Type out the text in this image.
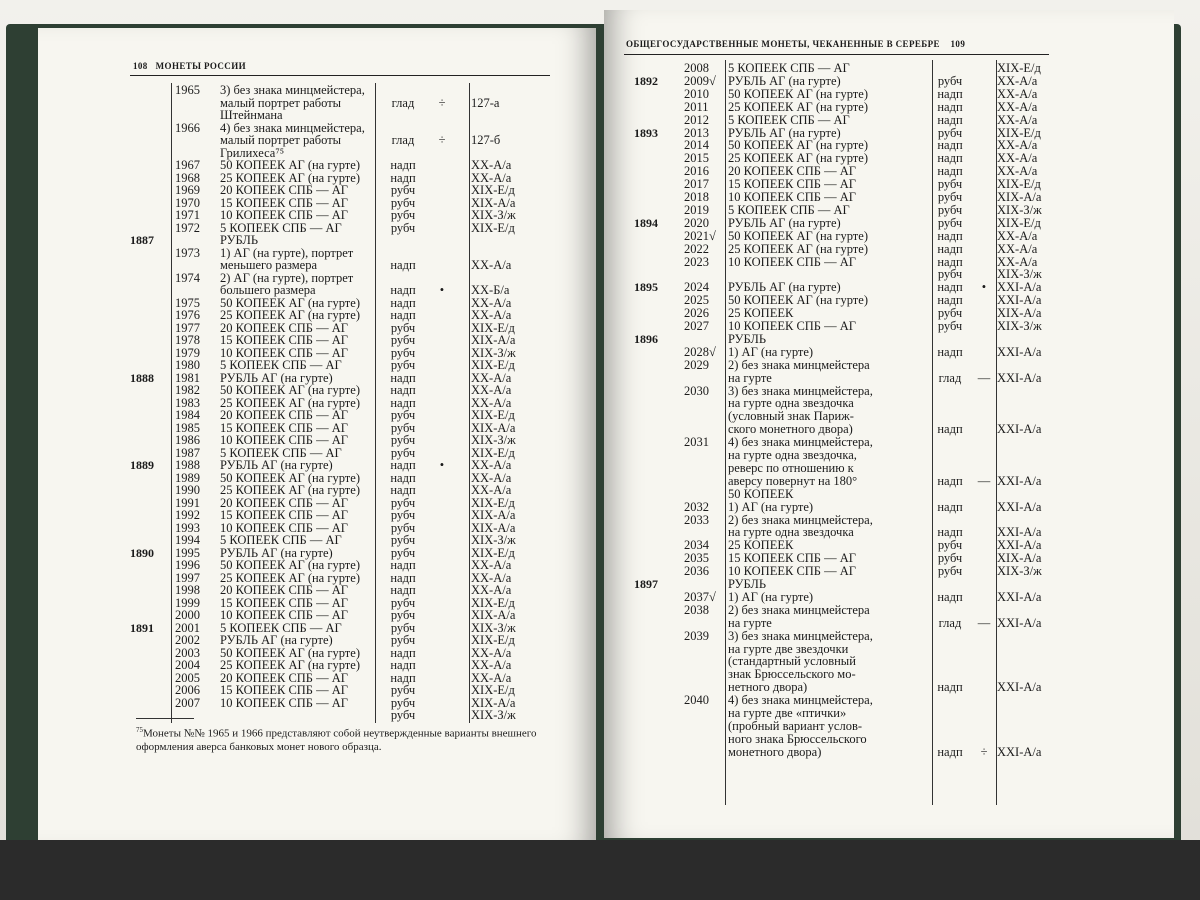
108 МОНЕТЫ РОССИИ
1965 3) без знака минцмейстера,
малый портрет работы	глад	÷	127-а
Штейнмана
1966 4) без знака минцмейстера,
малый портрет работы	глад	÷	127-б
Грилихеса⁷⁵
1967 50 КОПЕЕК АГ (на гурте)	надп	XX-А/а
1968 25 КОПЕЕК АГ (на гурте)	надп	XX-А/а
1969 20 КОПЕЕК СПБ — АГ	рубч	XIX-Е/д
1970 15 КОПЕЕК СПБ — АГ	рубч	XIX-А/а
1971 10 КОПЕЕК СПБ — АГ	рубч	XIX-З/ж
1972 5 КОПЕЕК СПБ — АГ	рубч	XIX-Е/д
1887	РУБЛЬ
1973 1) АГ (на гурте), портрет
меньшего размера	надп	XX-А/а
1974 2) АГ (на гурте), портрет
большего размера	надп	•	XX-Б/а
1975 50 КОПЕЕК АГ (на гурте)	надп	XX-А/а
1976 25 КОПЕЕК АГ (на гурте)	надп	XX-А/а
1977 20 КОПЕЕК СПБ — АГ	рубч	XIX-Е/д
1978 15 КОПЕЕК СПБ — АГ	рубч	XIX-А/а
1979 10 КОПЕЕК СПБ — АГ	рубч	XIX-З/ж
1980 5 КОПЕЕК СПБ — АГ	рубч	XIX-Е/д
1888 1981 РУБЛЬ АГ (на гурте)	надп	XX-А/а
1982 50 КОПЕЕК АГ (на гурте)	надп	XX-А/а
1983 25 КОПЕЕК АГ (на гурте)	надп	XX-А/а
1984 20 КОПЕЕК СПБ — АГ	рубч	XIX-Е/д
1985 15 КОПЕЕК СПБ — АГ	рубч	XIX-А/а
1986 10 КОПЕЕК СПБ — АГ	рубч	XIX-З/ж
1987 5 КОПЕЕК СПБ — АГ	рубч	XIX-Е/д
1889 1988 РУБЛЬ АГ (на гурте)	надп	•	XX-А/а
1989 50 КОПЕЕК АГ (на гурте)	надп	XX-А/а
1990 25 КОПЕЕК АГ (на гурте)	надп	XX-А/а
1991 20 КОПЕЕК СПБ — АГ	рубч	XIX-Е/д
1992 15 КОПЕЕК СПБ — АГ	рубч	XIX-А/а
1993 10 КОПЕЕК СПБ — АГ	рубч	XIX-А/а
1994 5 КОПЕЕК СПБ — АГ	рубч	XIX-З/ж
1890 1995 РУБЛЬ АГ (на гурте)	рубч	XIX-Е/д
1996 50 КОПЕЕК АГ (на гурте)	надп	XX-А/а
1997 25 КОПЕЕК АГ (на гурте)	надп	XX-А/а
1998 20 КОПЕЕК СПБ — АГ	надп	XX-А/а
1999 15 КОПЕЕК СПБ — АГ	рубч	XIX-Е/д
2000 10 КОПЕЕК СПБ — АГ	рубч	XIX-А/а
1891 2001 5 КОПЕЕК СПБ — АГ	рубч	XIX-З/ж
2002 РУБЛЬ АГ (на гурте)	рубч	XIX-Е/д
2003 50 КОПЕЕК АГ (на гурте)	надп	XX-А/а
2004 25 КОПЕЕК АГ (на гурте)	надп	XX-А/а
2005 20 КОПЕЕК СПБ — АГ	надп	XX-А/а
2006 15 КОПЕЕК СПБ — АГ	рубч	XIX-Е/д
2007 10 КОПЕЕК СПБ — АГ	рубч	XIX-А/а
рубч	XIX-З/ж
$^{75}$Монеты №№ 1965 и 1966 представляют собой неутвержденные варианты внешнего оформления аверса банковых монет нового образца.
ОБЩЕГОСУДАРСТВЕННЫЕ МОНЕТЫ, ЧЕКАНЕННЫЕ В СЕРЕБРЕ 109
2008 5 КОПЕЕК СПБ — АГ	XIX-Е/д
1892 2009√ РУБЛЬ АГ (на гурте)	рубч	XX-А/а
2010 50 КОПЕЕК АГ (на гурте)	надп	XX-А/а
2011 25 КОПЕЕК АГ (на гурте)	надп	XX-А/а
2012 5 КОПЕЕК СПБ — АГ	надп	XX-А/а
1893 2013 РУБЛЬ АГ (на гурте)	рубч	XIX-Е/д
2014 50 КОПЕЕК АГ (на гурте)	надп	XX-А/а
2015 25 КОПЕЕК АГ (на гурте)	надп	XX-А/а
2016 20 КОПЕЕК СПБ — АГ	надп	XX-А/а
2017 15 КОПЕЕК СПБ — АГ	рубч	XIX-Е/д
2018 10 КОПЕЕК СПБ — АГ	рубч	XIX-А/а
2019 5 КОПЕЕК СПБ — АГ	рубч	XIX-З/ж
1894 2020 РУБЛЬ АГ (на гурте)	рубч	XIX-Е/д
2021√ 50 КОПЕЕК АГ (на гурте)	надп	XX-А/а
2022 25 КОПЕЕК АГ (на гурте)	надп	XX-А/а
2023 10 КОПЕЕК СПБ — АГ	надп	XX-А/а
рубч	XIX-З/ж
1895 2024 РУБЛЬ АГ (на гурте)	надп	• XXI-А/а
2025 50 КОПЕЕК АГ (на гурте)	надп	XXI-А/а
2026 25 КОПЕЕК	рубч	XIX-А/а
2027 10 КОПЕЕК СПБ — АГ	рубч	XIX-З/ж
1896	РУБЛЬ
2028√ 1) АГ (на гурте)	надп	XXI-А/а
2029 2) без знака минцмейстера
на гурте	глад	— XXI-А/а
2030 3) без знака минцмейстера,
на гурте одна звездочка
(условный знак Париж-
ского монетного двора)	надп	XXI-А/а
2031 4) без знака минцмейстера,
на гурте одна звездочка,
реверс по отношению к
аверсу повернут на 180°	надп	— XXI-А/а
50 КОПЕЕК
2032 1) АГ (на гурте)	надп	XXI-А/а
2033 2) без знака минцмейстера,
на гурте одна звездочка	надп	XXI-А/а
2034 25 КОПЕЕК	рубч	XXI-А/а
2035 15 КОПЕЕК СПБ — АГ	рубч	XIX-А/а
2036 10 КОПЕЕК СПБ — АГ	рубч	XIX-З/ж
1897	РУБЛЬ
2037√ 1) АГ (на гурте)	надп	XXI-А/а
2038 2) без знака минцмейстера
на гурте	глад	— XXI-А/а
2039 3) без знака минцмейстера,
на гурте две звездочки
(стандартный условный
знак Брюссельского мо-
нетного двора)	надп	XXI-А/а
2040 4) без знака минцмейстера,
на гурте две «птички»
(пробный вариант услов-
ного знака Брюссельского
монетного двора)	надп	÷ XXI-А/а
